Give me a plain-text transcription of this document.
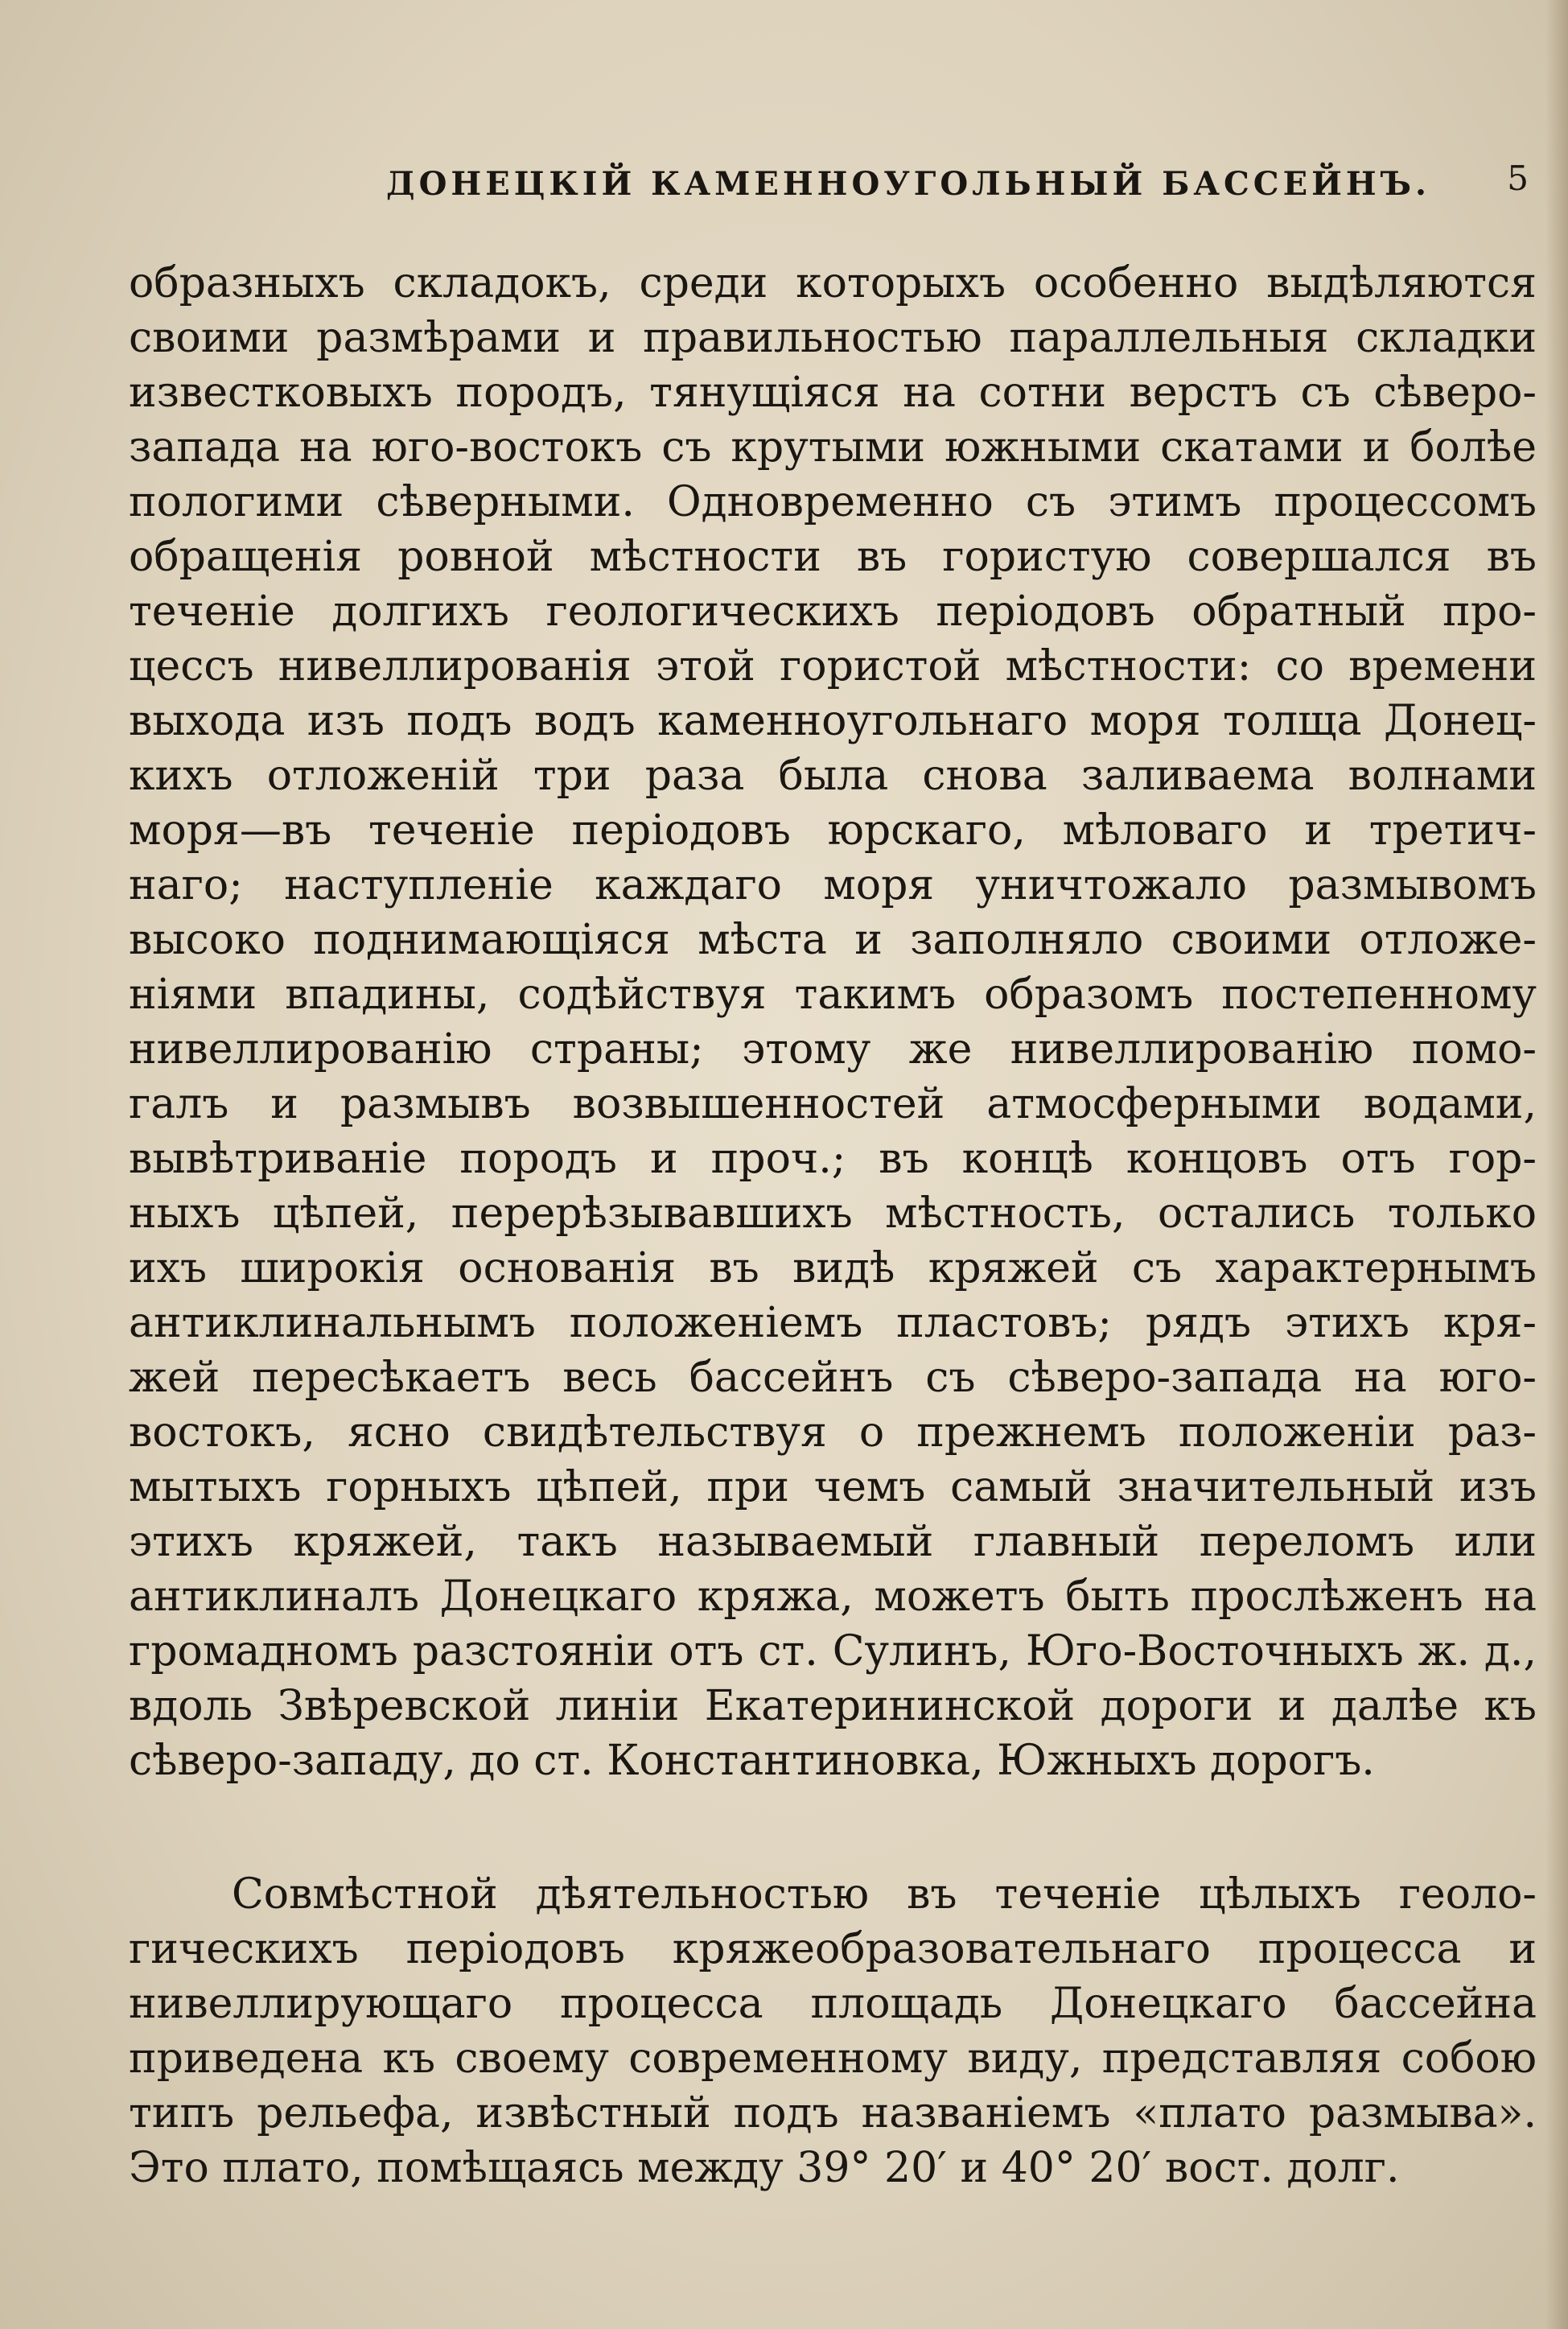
ДОНЕЦКІЙ КАМЕННОУГОЛЬНЫЙ БАССЕЙНЪ. 5
образныхъ складокъ, среди которыхъ особенно выдѣляются
своими размѣрами и правильностью параллельныя складки
известковыхъ породъ, тянущіяся на сотни верстъ съ сѣверо-
запада на юго-востокъ съ крутыми южными скатами и болѣе
пологими сѣверными. Одновременно съ этимъ процессомъ
обращенія ровной мѣстности въ гористую совершался въ
теченіе долгихъ геологическихъ періодовъ обратный про-
цессъ нивеллированія этой гористой мѣстности: со времени
выхода изъ подъ водъ каменноугольнаго моря толща Донец-
кихъ отложеній три раза была снова заливаема волнами
моря—въ теченіе періодовъ юрскаго, мѣловаго и третич-
наго; наступленіе каждаго моря уничтожало размывомъ
высоко поднимающіяся мѣста и заполняло своими отложе-
ніями впадины, содѣйствуя такимъ образомъ постепенному
нивеллированію страны; этому же нивеллированію помо-
галъ и размывъ возвышенностей атмосферными водами,
вывѣтриваніе породъ и проч.; въ концѣ концовъ отъ гор-
ныхъ цѣпей, перерѣзывавшихъ мѣстность, остались только
ихъ широкія основанія въ видѣ кряжей съ характернымъ
антиклинальнымъ положеніемъ пластовъ; рядъ этихъ кря-
жей пересѣкаетъ весь бассейнъ съ сѣверо-запада на юго-
востокъ, ясно свидѣтельствуя о прежнемъ положеніи раз-
мытыхъ горныхъ цѣпей, при чемъ самый значительный изъ
этихъ кряжей, такъ называемый главный переломъ или
антиклиналъ Донецкаго кряжа, можетъ быть прослѣженъ на
громадномъ разстояніи отъ ст. Сулинъ, Юго-Восточныхъ ж. д.,
вдоль Звѣревской линіи Екатерининской дороги и далѣе къ
сѣверо-западу, до ст. Константиновка, Южныхъ дорогъ.
Совмѣстной дѣятельностью въ теченіе цѣлыхъ геоло-
гическихъ періодовъ кряжеобразовательнаго процесса и
нивеллирующаго процесса площадь Донецкаго бассейна
приведена къ своему современному виду, представляя собою
типъ рельефа, извѣстный подъ названіемъ «плато размыва».
Это плато, помѣщаясь между 39° 20′ и 40° 20′ вост. долг.
